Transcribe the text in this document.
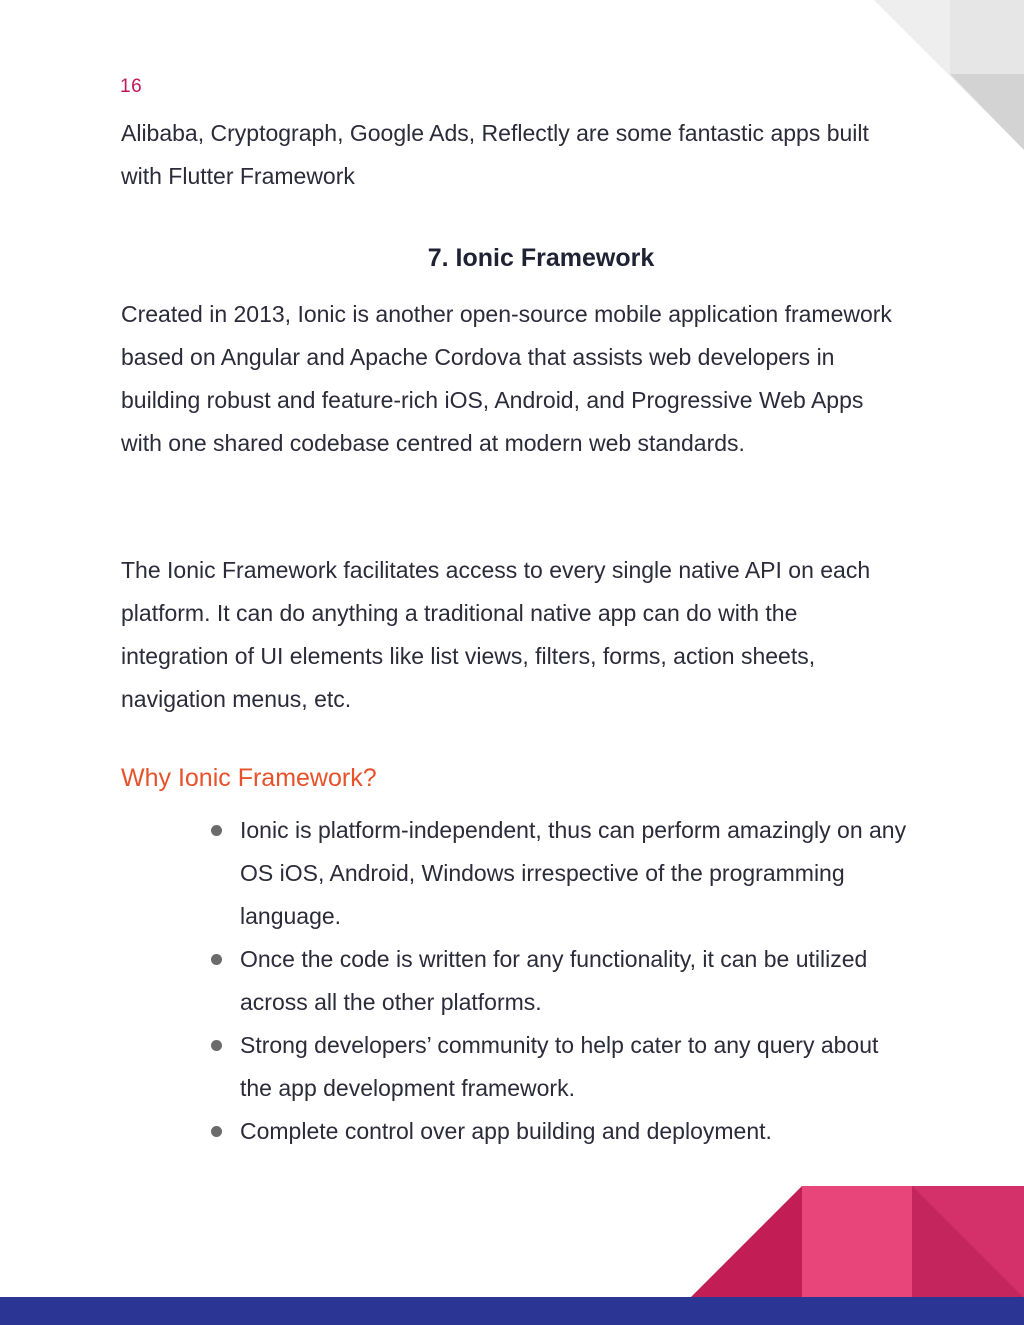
16
Alibaba, Cryptograph, Google Ads, Reflectly are some fantastic apps built with Flutter Framework
7. Ionic Framework
Created in 2013, Ionic is another open-source mobile application framework based on Angular and Apache Cordova that assists web developers in building robust and feature-rich iOS, Android, and Progressive Web Apps with one shared codebase centred at modern web standards.
The Ionic Framework facilitates access to every single native API on each platform. It can do anything a traditional native app can do with the integration of UI elements like list views, filters, forms, action sheets, navigation menus, etc.
Why Ionic Framework?
Ionic is platform-independent, thus can perform amazingly on any OS iOS, Android, Windows irrespective of the programming language.
Once the code is written for any functionality, it can be utilized across all the other platforms.
Strong developers’ community to help cater to any query about the app development framework.
Complete control over app building and deployment.
